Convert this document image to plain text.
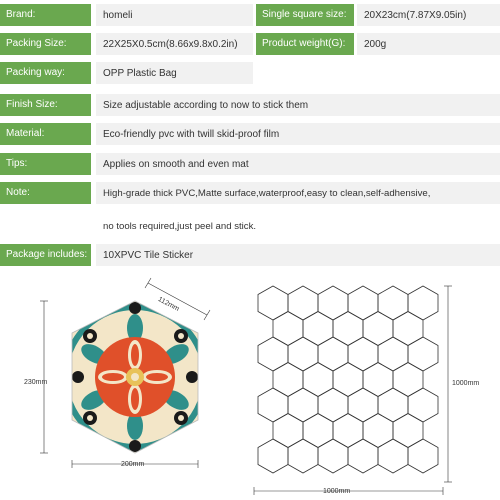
Brand:	homeli	Single square size:	20X23cm(7.87X9.05in)
Packing Size:	22X25X0.5cm(8.66x9.8x0.2in)	Product weight(G):	200g
Packing way:	OPP Plastic Bag
Finish Size:	Size adjustable according to now to stick them
Material:	Eco-friendly pvc with twill skid-proof film
Tips:	Applies on smooth and even mat
Note:	High-grade thick PVC,Matte surface,waterproof,easy to clean,self-adhensive,
no tools required,just peel and stick.
Package includes:	10XPVC Tile Sticker
112mm
230mm
200mm
1000mm
1000mm
